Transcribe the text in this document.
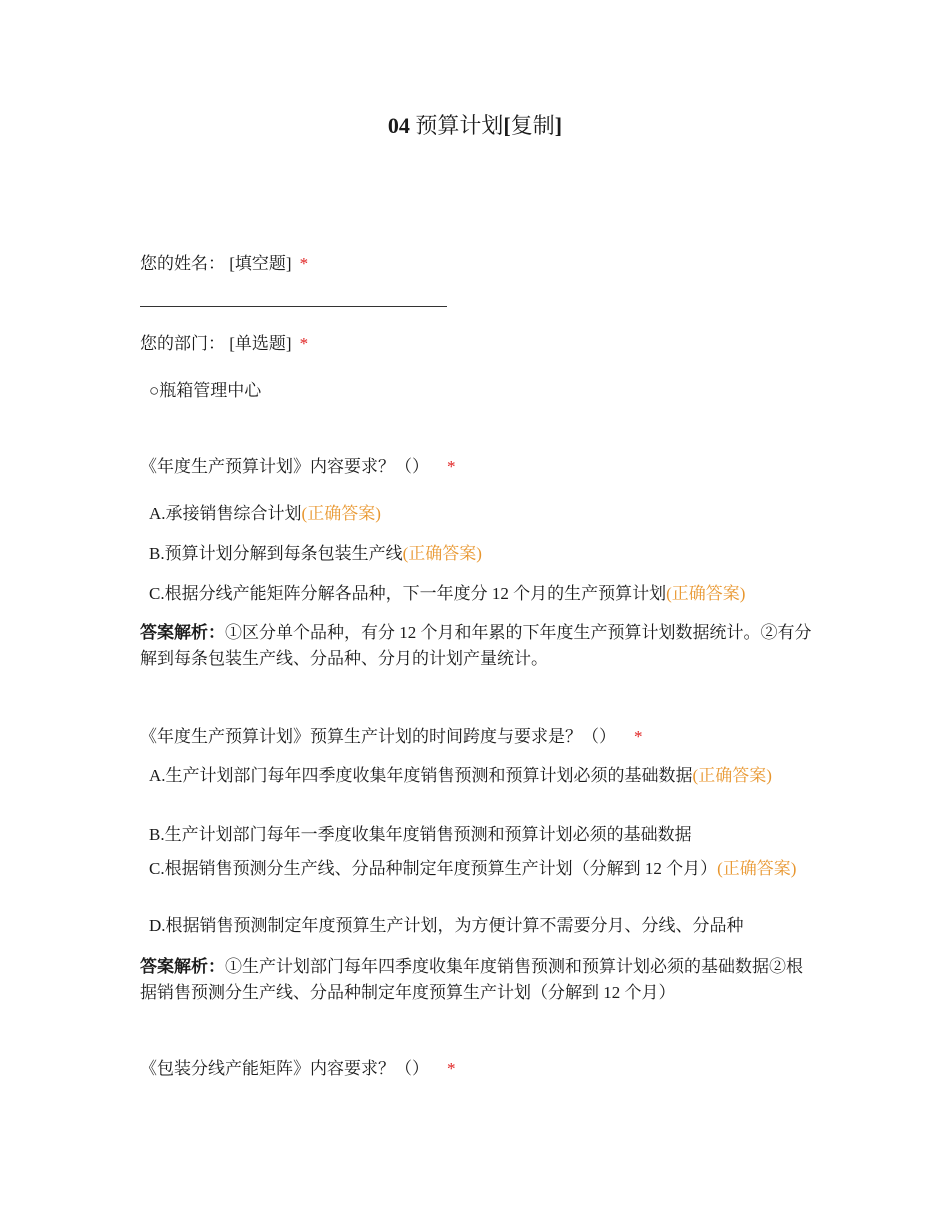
04 预算计划[复制]
您的姓名： [填空题] *
您的部门： [单选题] *
○瓶箱管理中心
《年度生产预算计划》内容要求？（） *
A.承接销售综合计划(正确答案)
B.预算计划分解到每条包装生产线(正确答案)
C.根据分线产能矩阵分解各品种，下一年度分 12 个月的生产预算计划(正确答案)
答案解析：①区分单个品种，有分 12 个月和年累的下年度生产预算计划数据统计。②有分解到每条包装生产线、分品种、分月的计划产量统计。
《年度生产预算计划》预算生产计划的时间跨度与要求是？（） *
A.生产计划部门每年四季度收集年度销售预测和预算计划必须的基础数据(正确答案)
B.生产计划部门每年一季度收集年度销售预测和预算计划必须的基础数据
C.根据销售预测分生产线、分品种制定年度预算生产计划（分解到 12 个月）(正确答案)
D.根据销售预测制定年度预算生产计划，为方便计算不需要分月、分线、分品种
答案解析：①生产计划部门每年四季度收集年度销售预测和预算计划必须的基础数据②根据销售预测分生产线、分品种制定年度预算生产计划（分解到 12 个月）
《包装分线产能矩阵》内容要求？（） *
